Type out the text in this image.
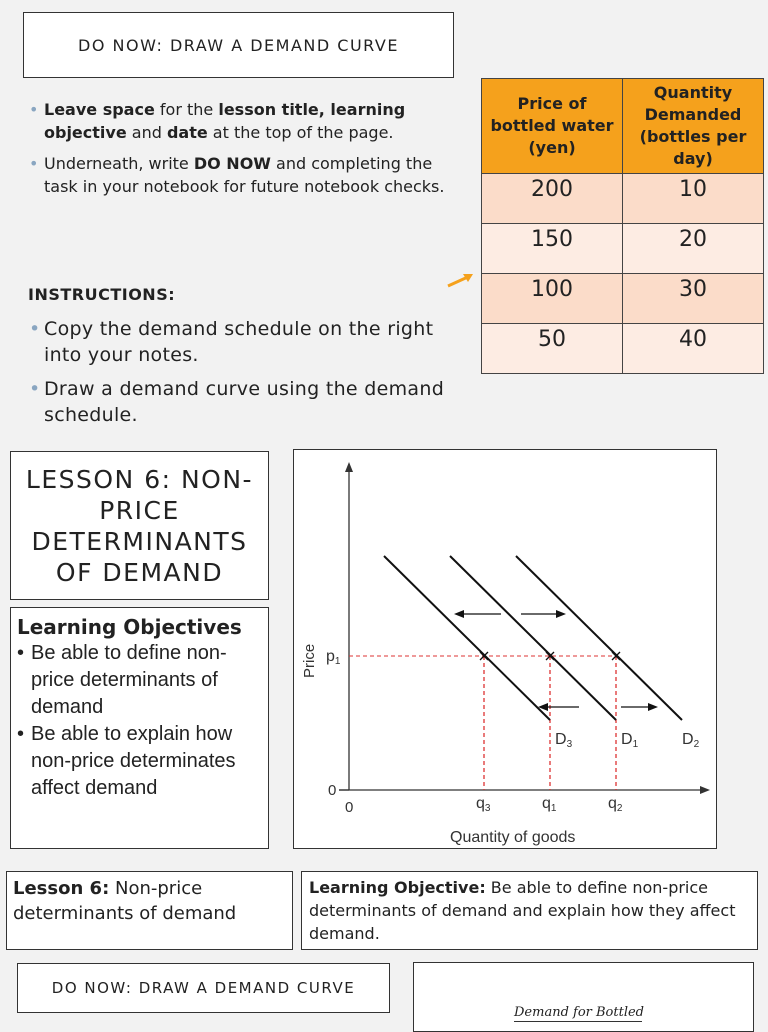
DO NOW: DRAW A DEMAND CURVE
• Leave space for the lesson title, learning objective and date at the top of the page.
• Underneath, write DO NOW and completing the task in your notebook for future notebook checks.
INSTRUCTIONS:
• Copy the demand schedule on the right into your notes.
• Draw a demand curve using the demand schedule.
Price of bottled water (yen)	Quantity Demanded (bottles per day)
200	10
150	20
100	30
50	40
LESSON 6: NON-PRICE DETERMINANTS OF DEMAND
Learning Objectives
• Be able to define non-price determinants of demand
• Be able to explain how non-price determinates affect demand
0
0
Price
Quantity of goods
p1
D3	D1	D2
q3	q1	q2
Lesson 6: Non-price determinants of demand
Learning Objective: Be able to define non-price determinants of demand and explain how they affect demand.
DO NOW: DRAW A DEMAND CURVE
Demand for Bottled
